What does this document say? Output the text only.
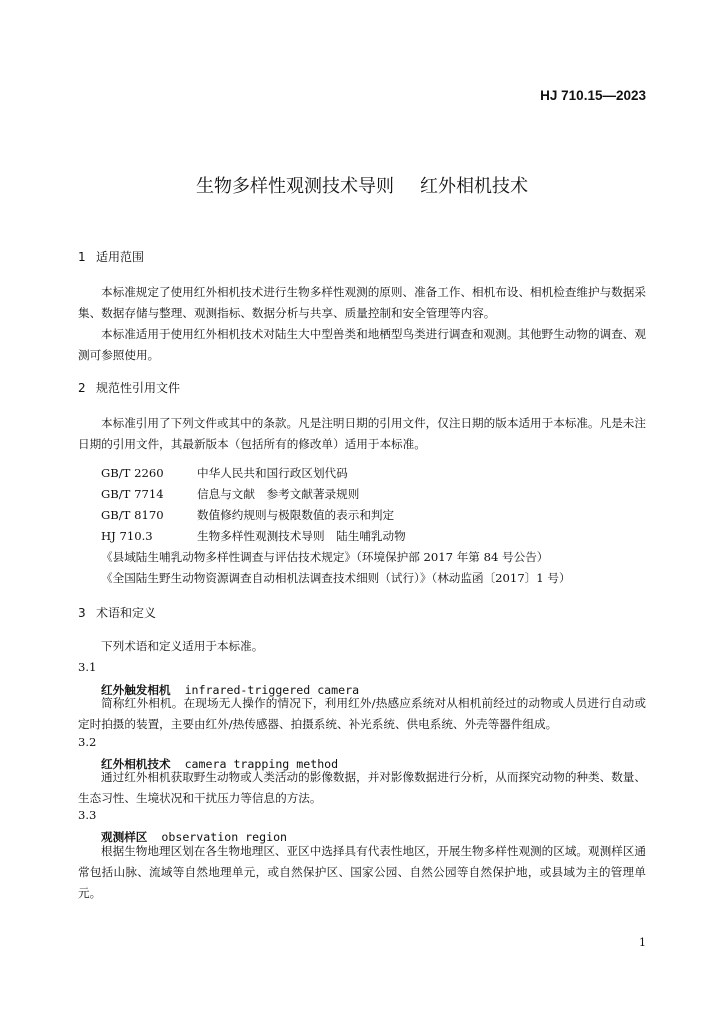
HJ 710.15—2023
生物多样性观测技术导则 红外相机技术
1 适用范围
本标准规定了使用红外相机技术进行生物多样性观测的原则、准备工作、相机布设、相机检查维护与数据采集、数据存储与整理、观测指标、数据分析与共享、质量控制和安全管理等内容。
本标准适用于使用红外相机技术对陆生大中型兽类和地栖型鸟类进行调查和观测。其他野生动物的调查、观测可参照使用。
2 规范性引用文件
本标准引用了下列文件或其中的条款。凡是注明日期的引用文件，仅注日期的版本适用于本标准。凡是未注日期的引用文件，其最新版本（包括所有的修改单）适用于本标准。
GB/T 2260	中华人民共和国行政区划代码
GB/T 7714	信息与文献　参考文献著录规则
GB/T 8170	数值修约规则与极限数值的表示和判定
HJ 710.3	生物多样性观测技术导则　陆生哺乳动物
《县域陆生哺乳动物多样性调查与评估技术规定》（环境保护部 2017 年第 84 号公告）
《全国陆生野生动物资源调查自动相机法调查技术细则（试行）》（林动监函〔2017〕1 号）
3 术语和定义
下列术语和定义适用于本标准。
3.1
红外触发相机 infrared-triggered camera
简称红外相机。在现场无人操作的情况下，利用红外/热感应系统对从相机前经过的动物或人员进行自动或定时拍摄的装置，主要由红外/热传感器、拍摄系统、补光系统、供电系统、外壳等器件组成。
3.2
红外相机技术 camera trapping method
通过红外相机获取野生动物或人类活动的影像数据，并对影像数据进行分析，从而探究动物的种类、数量、生态习性、生境状况和干扰压力等信息的方法。
3.3
观测样区 observation region
根据生物地理区划在各生物地理区、亚区中选择具有代表性地区，开展生物多样性观测的区域。观测样区通常包括山脉、流域等自然地理单元，或自然保护区、国家公园、自然公园等自然保护地，或县域为主的管理单元。
1
